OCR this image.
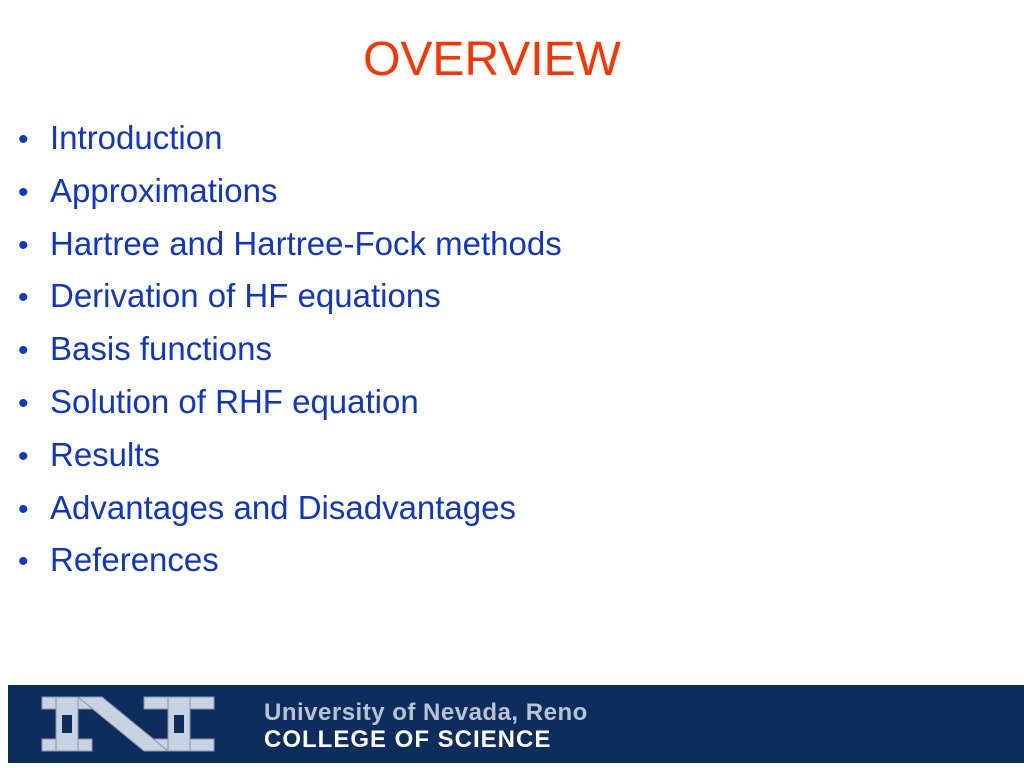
OVERVIEW
• Introduction
• Approximations
• Hartree and Hartree-Fock methods
• Derivation of HF equations
• Basis functions
• Solution of RHF equation
• Results
• Advantages and Disadvantages
• References
University of Nevada, Reno
COLLEGE OF SCIENCE
